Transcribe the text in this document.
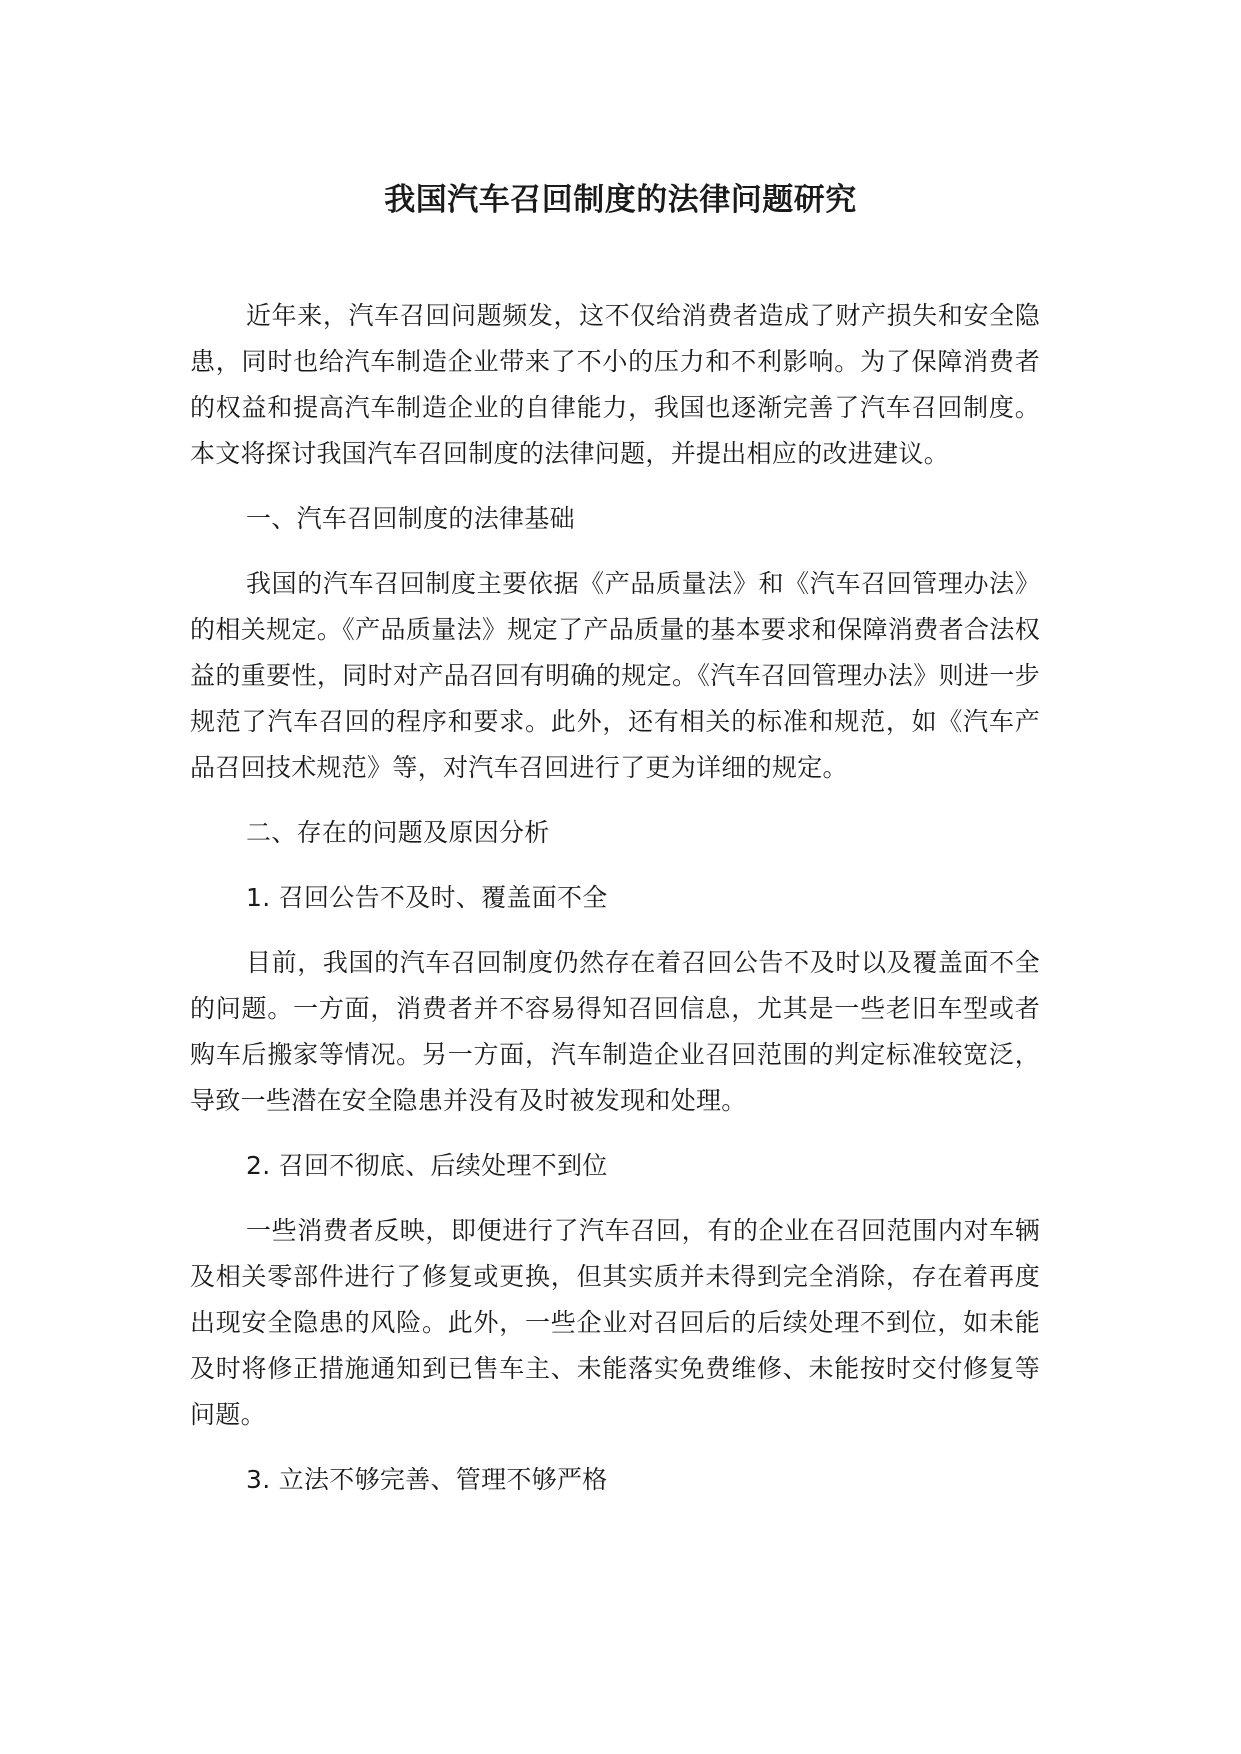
我国汽车召回制度的法律问题研究

近年来，汽车召回问题频发，这不仅给消费者造成了财产损失和安全隐患，同时也给汽车制造企业带来了不小的压力和不利影响。为了保障消费者的权益和提高汽车制造企业的自律能力，我国也逐渐完善了汽车召回制度。本文将探讨我国汽车召回制度的法律问题，并提出相应的改进建议。

一、汽车召回制度的法律基础

我国的汽车召回制度主要依据《产品质量法》和《汽车召回管理办法》的相关规定。《产品质量法》规定了产品质量的基本要求和保障消费者合法权益的重要性，同时对产品召回有明确的规定。《汽车召回管理办法》则进一步规范了汽车召回的程序和要求。此外，还有相关的标准和规范，如《汽车产品召回技术规范》等，对汽车召回进行了更为详细的规定。

二、存在的问题及原因分析

1. 召回公告不及时、覆盖面不全

目前，我国的汽车召回制度仍然存在着召回公告不及时以及覆盖面不全的问题。一方面，消费者并不容易得知召回信息，尤其是一些老旧车型或者购车后搬家等情况。另一方面，汽车制造企业召回范围的判定标准较宽泛，导致一些潜在安全隐患并没有及时被发现和处理。

2. 召回不彻底、后续处理不到位

一些消费者反映，即便进行了汽车召回，有的企业在召回范围内对车辆及相关零部件进行了修复或更换，但其实质并未得到完全消除，存在着再度出现安全隐患的风险。此外，一些企业对召回后的后续处理不到位，如未能及时将修正措施通知到已售车主、未能落实免费维修、未能按时交付修复等问题。

3. 立法不够完善、管理不够严格
